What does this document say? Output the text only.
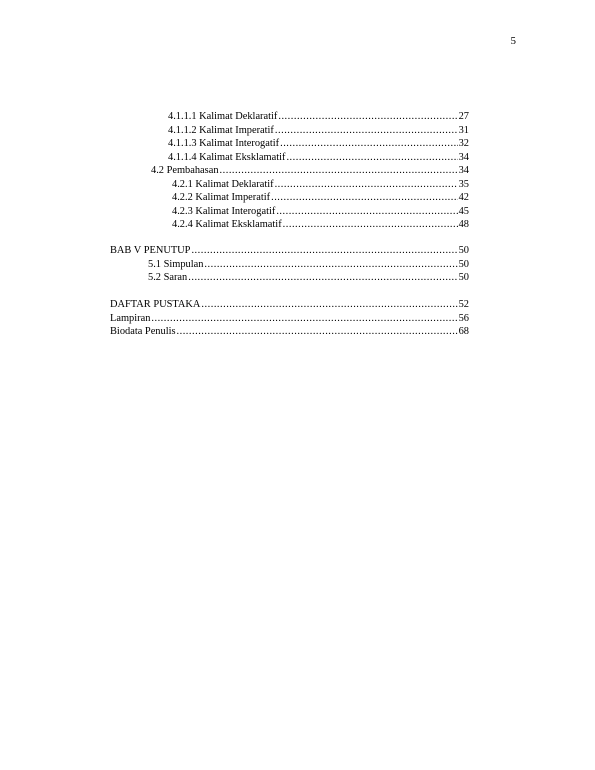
5
4.1.1.1 Kalimat Deklaratif .....	27
4.1.1.2 Kalimat Imperatif .....	31
4.1.1.3 Kalimat Interogatif .....	32
4.1.1.4 Kalimat Eksklamatif .....	34
4.2 Pembahasan .....	34
4.2.1 Kalimat Deklaratif .....	35
4.2.2 Kalimat Imperatif .....	42
4.2.3 Kalimat Interogatif .....	45
4.2.4 Kalimat Eksklamatif .....	48
BAB V PENUTUP .....	50
5.1 Simpulan .....	50
5.2 Saran .....	50
DAFTAR PUSTAKA .....	52
Lampiran .....	56
Biodata Penulis .....	68
